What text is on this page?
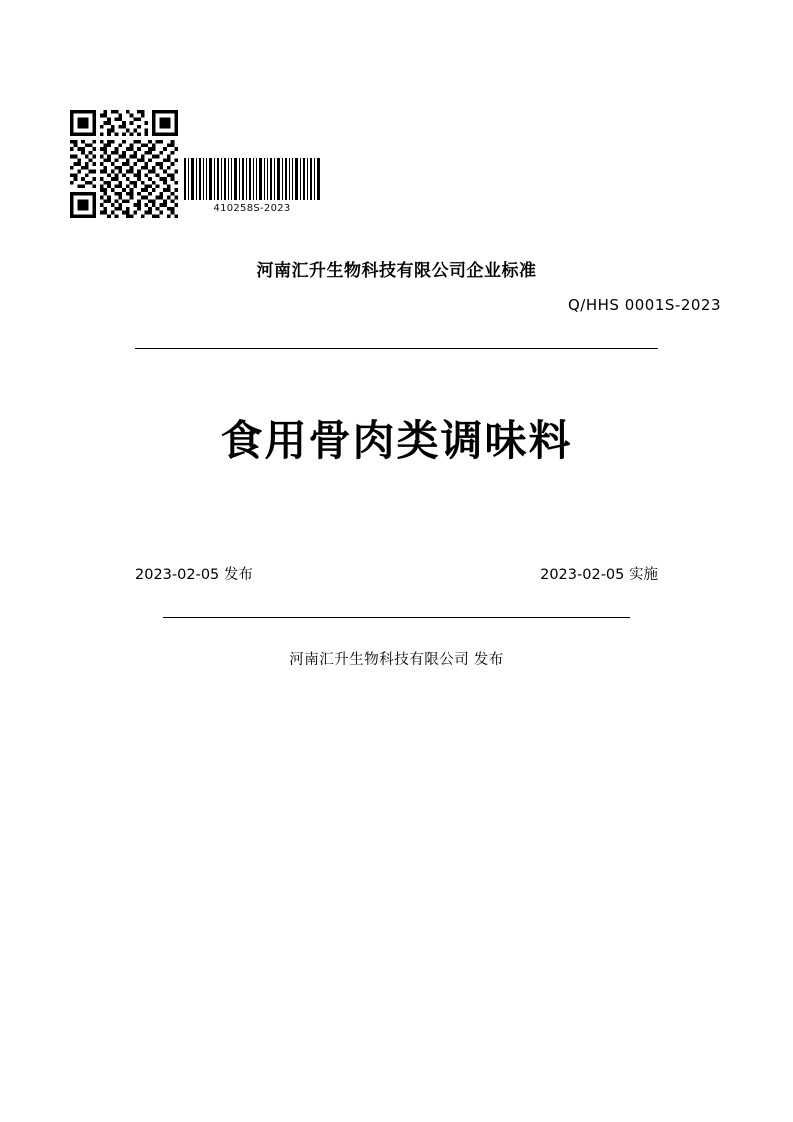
410258S-2023
河南汇升生物科技有限公司企业标准
Q/HHS 0001S-2023
食用骨肉类调味料
2023-02-05 发布	2023-02-05 实施
河南汇升生物科技有限公司 发布
